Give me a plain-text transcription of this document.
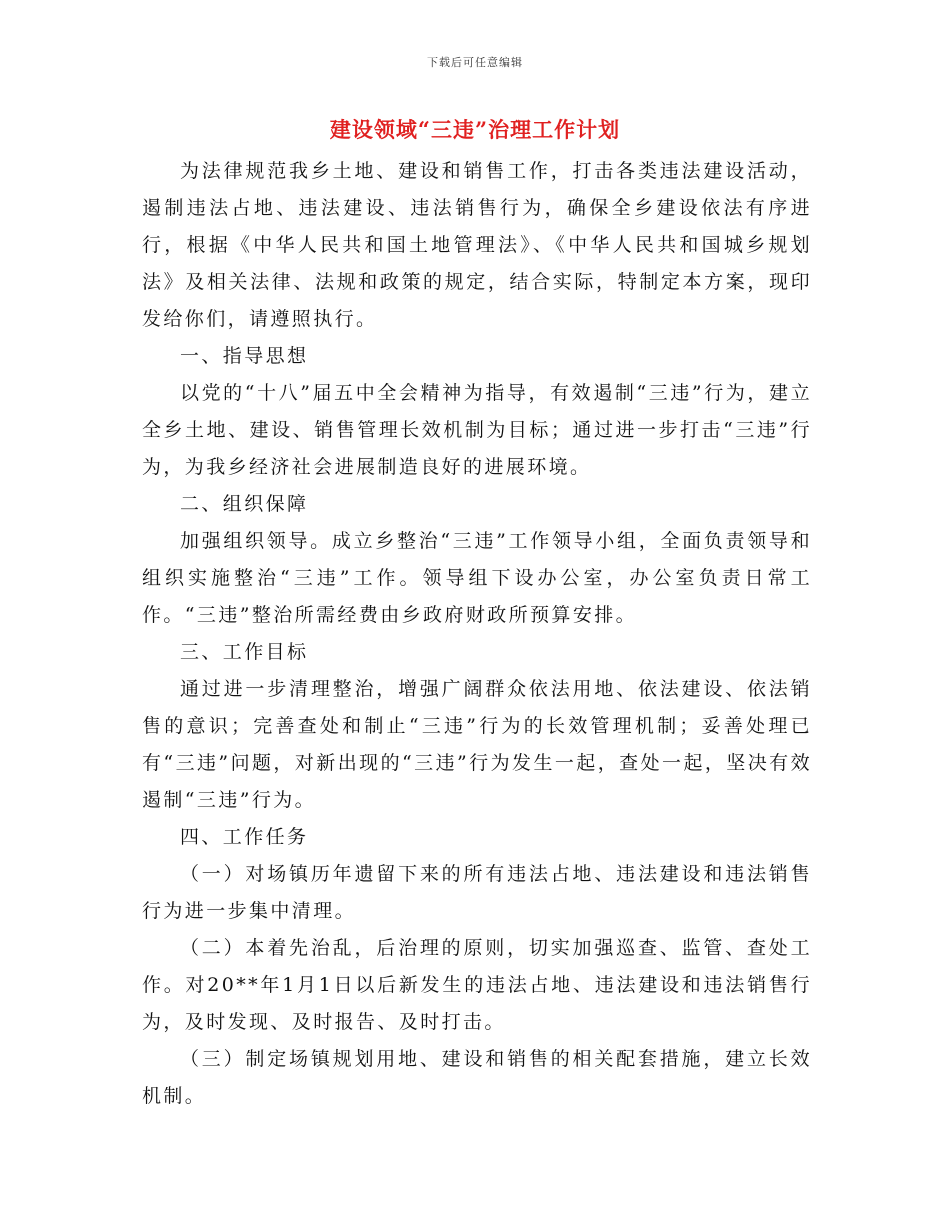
下载后可任意编辑
建设领域“三违”治理工作计划

为法律规范我乡土地、建设和销售工作，打击各类违法建设活动，遏制违法占地、违法建设、违法销售行为，确保全乡建设依法有序进行，根据《中华人民共和国土地管理法》、《中华人民共和国城乡规划法》及相关法律、法规和政策的规定，结合实际，特制定本方案，现印发给你们，请遵照执行。

一、指导思想

以党的“十八”届五中全会精神为指导，有效遏制“三违”行为，建立全乡土地、建设、销售管理长效机制为目标；通过进一步打击“三违”行为，为我乡经济社会进展制造良好的进展环境。

二、组织保障

加强组织领导。成立乡整治“三违”工作领导小组，全面负责领导和组织实施整治“三违”工作。领导组下设办公室，办公室负责日常工作。“三违”整治所需经费由乡政府财政所预算安排。

三、工作目标

通过进一步清理整治，增强广阔群众依法用地、依法建设、依法销售的意识；完善查处和制止“三违”行为的长效管理机制；妥善处理已有“三违”问题，对新出现的“三违”行为发生一起，查处一起，坚决有效遏制“三违”行为。

四、工作任务

（一）对场镇历年遗留下来的所有违法占地、违法建设和违法销售行为进一步集中清理。

（二）本着先治乱，后治理的原则，切实加强巡查、监管、查处工作。对20**年1月1日以后新发生的违法占地、违法建设和违法销售行为，及时发现、及时报告、及时打击。

（三）制定场镇规划用地、建设和销售的相关配套措施，建立长效机制。
